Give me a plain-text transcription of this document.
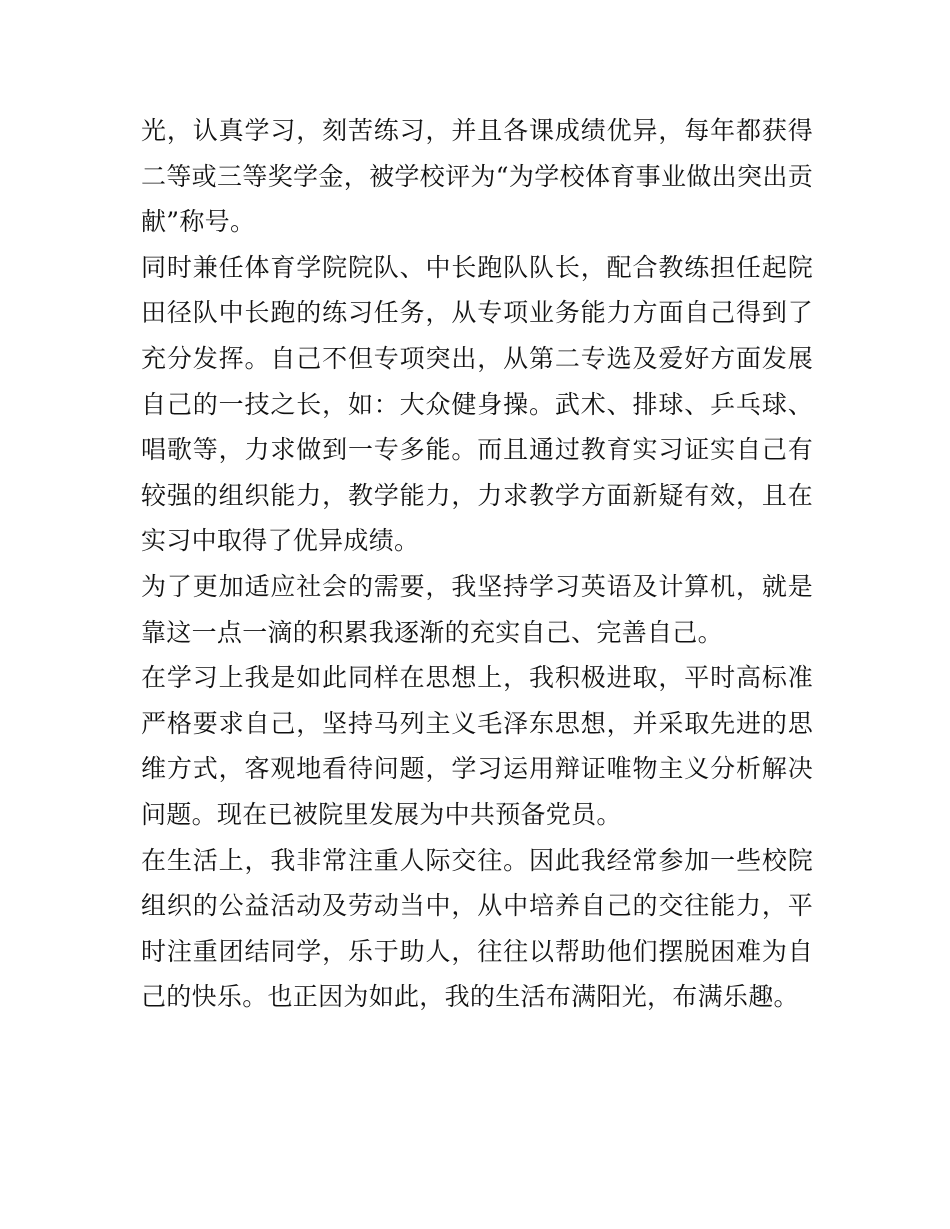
光，认真学习，刻苦练习，并且各课成绩优异，每年都获得二等或三等奖学金，被学校评为“为学校体育事业做出突出贡献”称号。

同时兼任体育学院院队、中长跑队队长，配合教练担任起院田径队中长跑的练习任务，从专项业务能力方面自己得到了充分发挥。自己不但专项突出，从第二专选及爱好方面发展自己的一技之长，如：大众健身操。武术、排球、乒乓球、唱歌等，力求做到一专多能。而且通过教育实习证实自己有较强的组织能力，教学能力，力求教学方面新疑有效，且在实习中取得了优异成绩。

为了更加适应社会的需要，我坚持学习英语及计算机，就是靠这一点一滴的积累我逐渐的充实自己、完善自己。

在学习上我是如此同样在思想上，我积极进取，平时高标准严格要求自己，坚持马列主义毛泽东思想，并采取先进的思维方式，客观地看待问题，学习运用辩证唯物主义分析解决问题。现在已被院里发展为中共预备党员。

在生活上，我非常注重人际交往。因此我经常参加一些校院组织的公益活动及劳动当中，从中培养自己的交往能力，平时注重团结同学，乐于助人，往往以帮助他们摆脱困难为自己的快乐。也正因为如此，我的生活布满阳光，布满乐趣。
